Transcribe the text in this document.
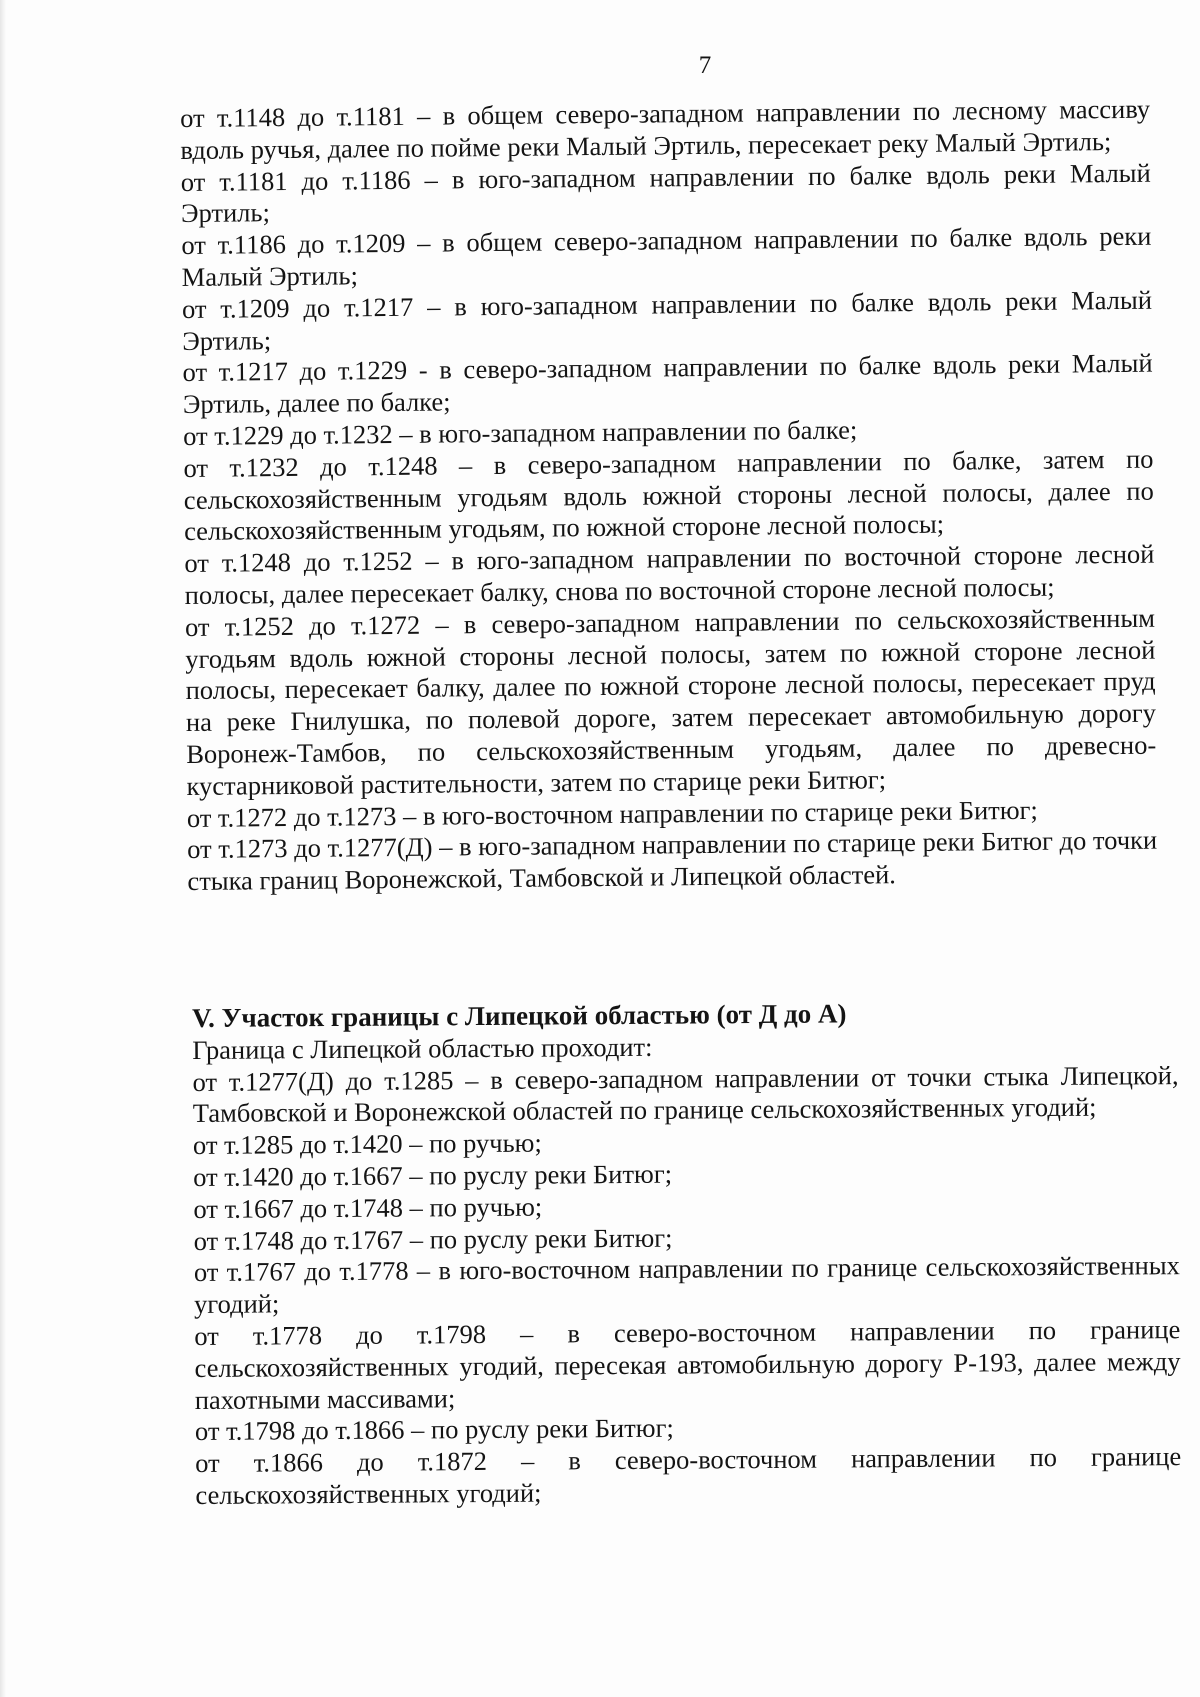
7

от т.1148 до т.1181 – в общем северо-западном направлении по лесному массиву вдоль ручья, далее по пойме реки Малый Эртиль, пересекает реку Малый Эртиль;

от т.1181 до т.1186 – в юго-западном направлении по балке вдоль реки Малый Эртиль;

от т.1186 до т.1209 – в общем северо-западном направлении по балке вдоль реки Малый Эртиль;

от т.1209 до т.1217 – в юго-западном направлении по балке вдоль реки Малый Эртиль;

от т.1217 до т.1229 - в северо-западном направлении по балке вдоль реки Малый Эртиль, далее по балке;

от т.1229 до т.1232 – в юго-западном направлении по балке;

от т.1232 до т.1248 – в северо-западном направлении по балке, затем по сельскохозяйственным угодьям вдоль южной стороны лесной полосы, далее по сельскохозяйственным угодьям, по южной стороне лесной полосы;

от т.1248 до т.1252 – в юго-западном направлении по восточной стороне лесной полосы, далее пересекает балку, снова по восточной стороне лесной полосы;

от т.1252 до т.1272 – в северо-западном направлении по сельскохозяйственным угодьям вдоль южной стороны лесной полосы, затем по южной стороне лесной полосы, пересекает балку, далее по южной стороне лесной полосы, пересекает пруд на реке Гнилушка, по полевой дороге, затем пересекает автомобильную дорогу Воронеж-Тамбов, по сельскохозяйственным угодьям, далее по древесно-кустарниковой растительности, затем по старице реки Битюг;

от т.1272 до т.1273 – в юго-восточном направлении по старице реки Битюг;

от т.1273 до т.1277(Д) – в юго-западном направлении по старице реки Битюг до точки стыка границ Воронежской, Тамбовской и Липецкой областей.

V. Участок границы с Липецкой областью (от Д до А)

Граница с Липецкой областью проходит:

от т.1277(Д) до т.1285 – в северо-западном направлении от точки стыка Липецкой, Тамбовской и Воронежской областей по границе сельскохозяйственных угодий;

от т.1285 до т.1420 – по ручью;

от т.1420 до т.1667 – по руслу реки Битюг;

от т.1667 до т.1748 – по ручью;

от т.1748 до т.1767 – по руслу реки Битюг;

от т.1767 до т.1778 – в юго-восточном направлении по границе сельскохозяйственных угодий;

от т.1778 до т.1798 – в северо-восточном направлении по границе сельскохозяйственных угодий, пересекая автомобильную дорогу Р-193, далее между пахотными массивами;

от т.1798 до т.1866 – по руслу реки Битюг;

от т.1866 до т.1872 – в северо-восточном направлении по границе сельскохозяйственных угодий;
